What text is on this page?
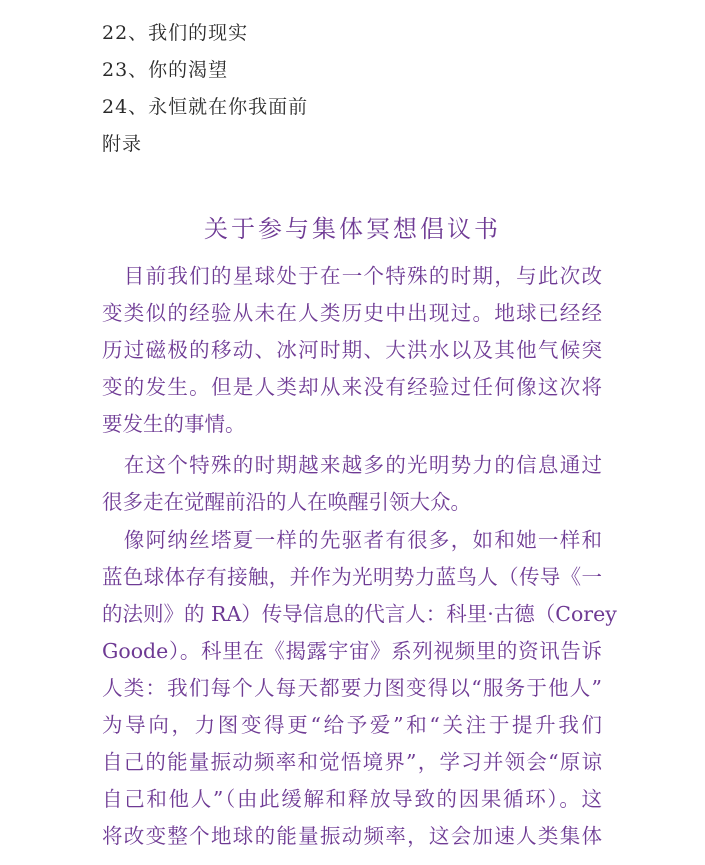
22、我们的现实
23、你的渴望
24、永恒就在你我面前
附录
关于参与集体冥想倡议书
　目前我们的星球处于在一个特殊的时期，与此次改
变类似的经验从未在人类历史中出现过。地球已经经
历过磁极的移动、冰河时期、大洪水以及其他气候突
变的发生。但是人类却从来没有经验过任何像这次将
要发生的事情。
　在这个特殊的时期越来越多的光明势力的信息通过
很多走在觉醒前沿的人在唤醒引领大众。
　像阿纳丝塔夏一样的先驱者有很多，如和她一样和
蓝色球体存有接触，并作为光明势力蓝鸟人（传导《一
的法则》的 RA）传导信息的代言人：科里·古德（Corey
Goode）。科里在《揭露宇宙》系列视频里的资讯告诉
人类：我们每个人每天都要力图变得以“服务于他人”
为导向，力图变得更“给予爱”和“关注于提升我们
自己的能量振动频率和觉悟境界”，学习并领会“原谅
自己和他人”（由此缓解和释放导致的因果循环）。这
将改变整个地球的能量振动频率，这会加速人类集体
